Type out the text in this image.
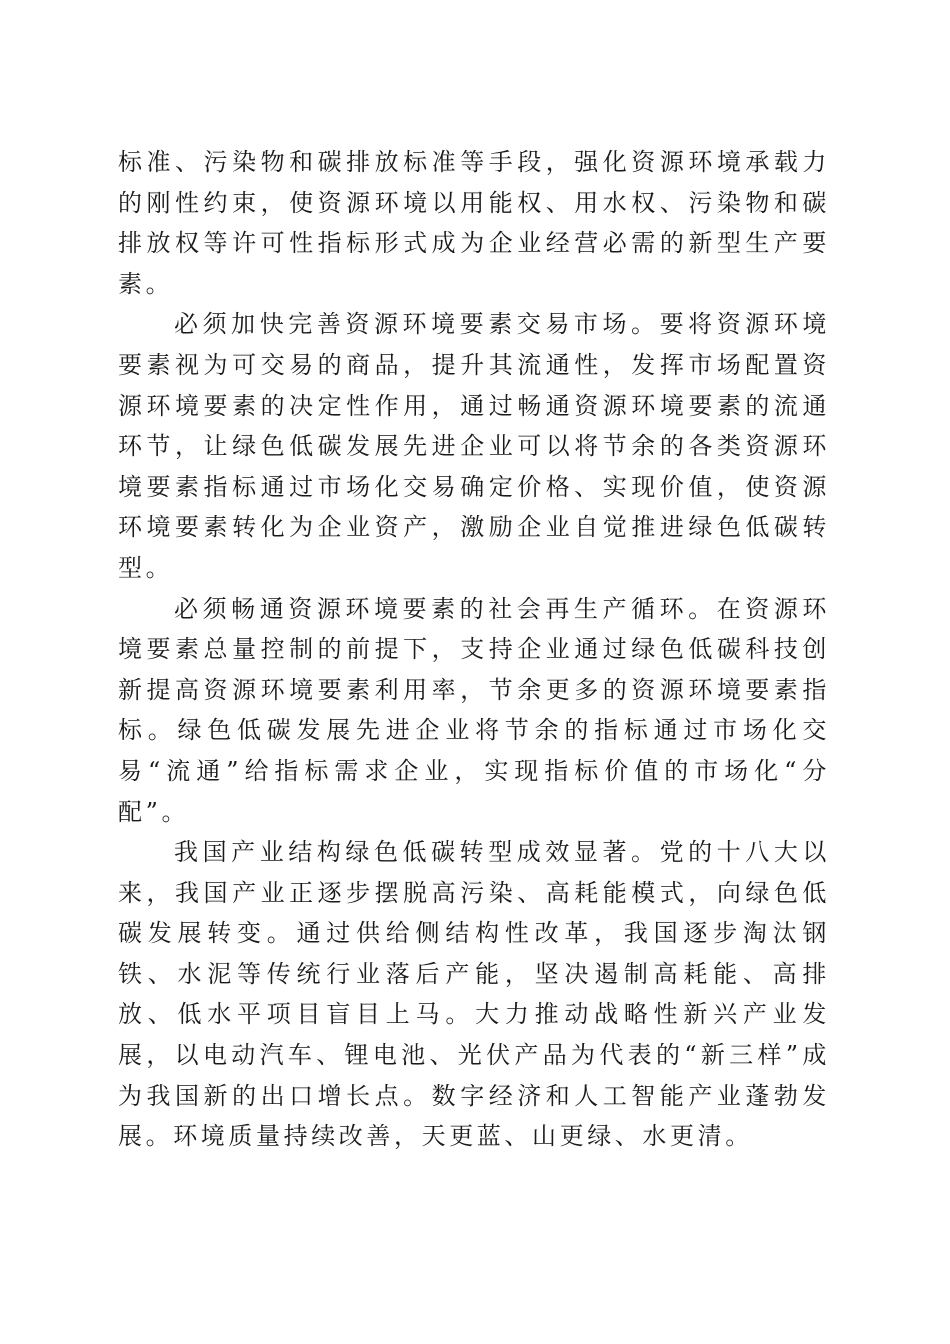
标准、污染物和碳排放标准等手段，强化资源环境承载力的刚性约束，使资源环境以用能权、用水权、污染物和碳排放权等许可性指标形式成为企业经营必需的新型生产要素。

必须加快完善资源环境要素交易市场。要将资源环境要素视为可交易的商品，提升其流通性，发挥市场配置资源环境要素的决定性作用，通过畅通资源环境要素的流通环节，让绿色低碳发展先进企业可以将节余的各类资源环境要素指标通过市场化交易确定价格、实现价值，使资源环境要素转化为企业资产，激励企业自觉推进绿色低碳转型。

必须畅通资源环境要素的社会再生产循环。在资源环境要素总量控制的前提下，支持企业通过绿色低碳科技创新提高资源环境要素利用率，节余更多的资源环境要素指标。绿色低碳发展先进企业将节余的指标通过市场化交易“流通”给指标需求企业，实现指标价值的市场化“分配”。

我国产业结构绿色低碳转型成效显著。党的十八大以来，我国产业正逐步摆脱高污染、高耗能模式，向绿色低碳发展转变。通过供给侧结构性改革，我国逐步淘汰钢铁、水泥等传统行业落后产能，坚决遏制高耗能、高排放、低水平项目盲目上马。大力推动战略性新兴产业发展，以电动汽车、锂电池、光伏产品为代表的“新三样”成为我国新的出口增长点。数字经济和人工智能产业蓬勃发展。环境质量持续改善，天更蓝、山更绿、水更清。
